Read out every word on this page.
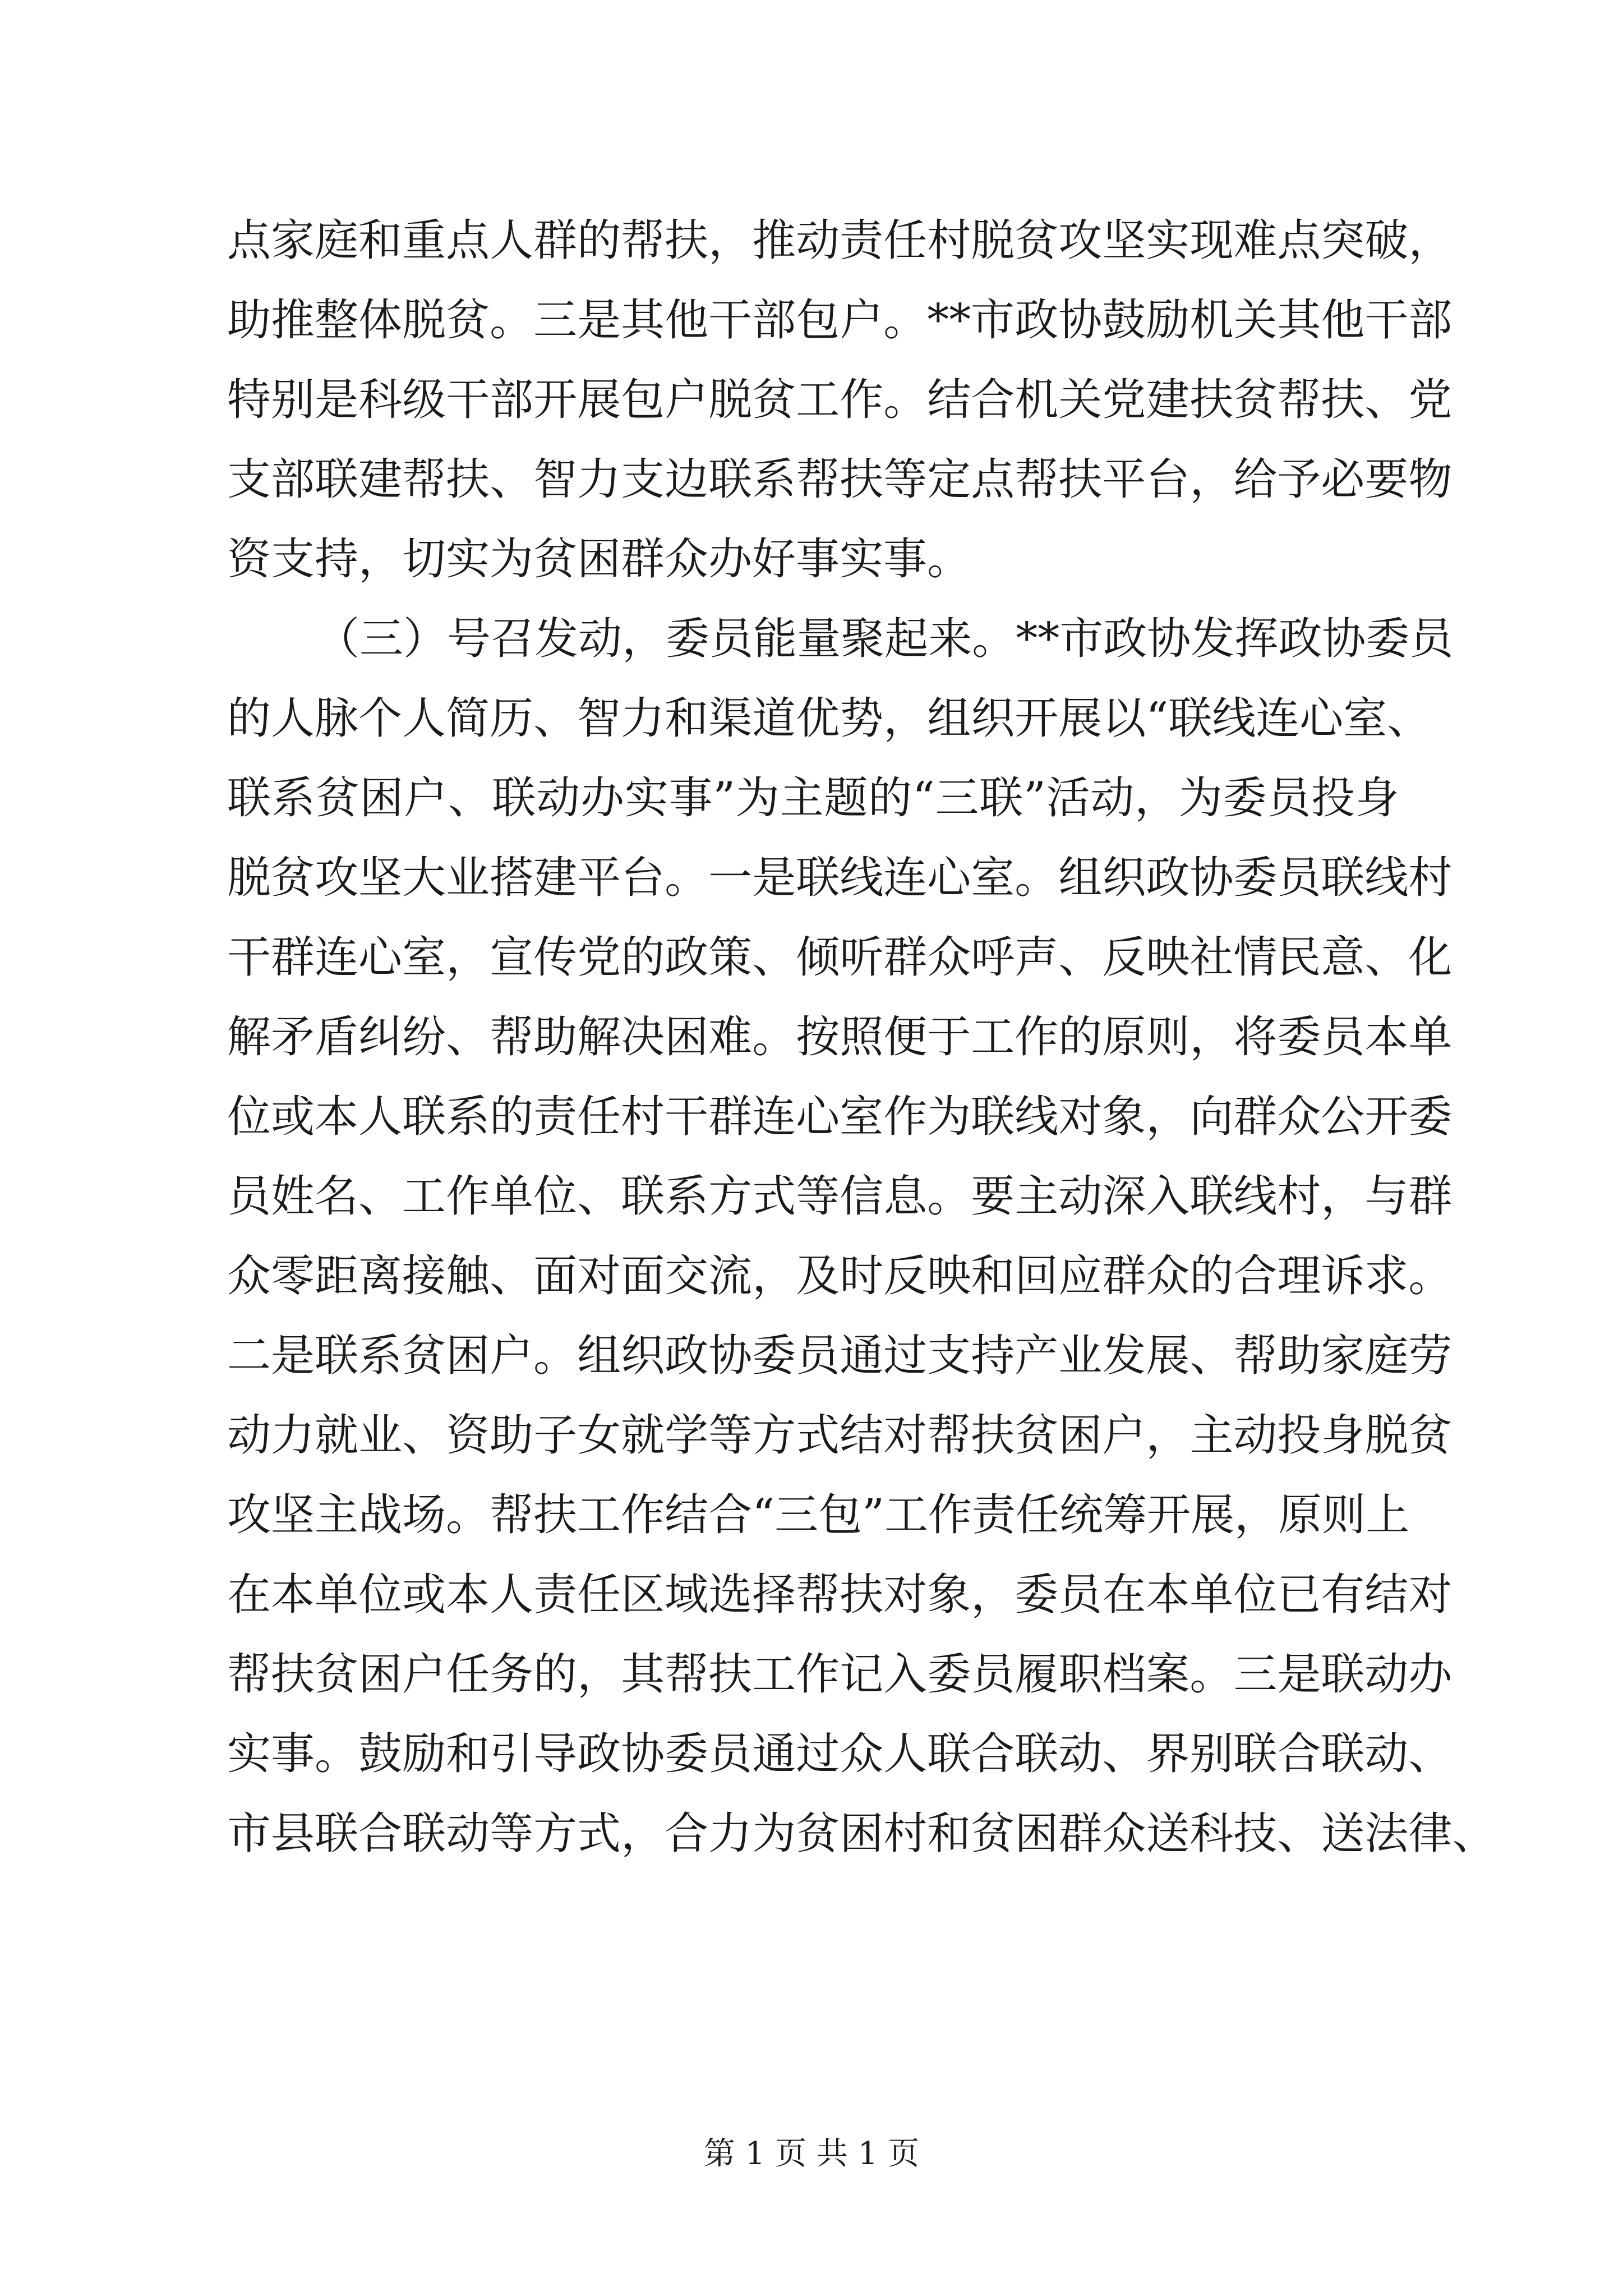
点 家 庭 和 重 点 人 群 的 帮 扶 ， 推 动 责 任 村 脱 贫 攻 坚 实 现 难 点 突 破 ，
助 推 整 体 脱 贫 。 三 是 其 他 干 部 包 户 。 * * 市 政 协 鼓 励 机 关 其 他 干 部
特 别 是 科 级 干 部 开 展 包 户 脱 贫 工 作 。 结 合 机 关 党 建 扶 贫 帮 扶 、 党
支 部 联 建 帮 扶 、 智 力 支 边 联 系 帮 扶 等 定 点 帮 扶 平 台 ， 给 予 必 要 物
资支持，切实为贫困群众办好事实事。
（ 三 ） 号 召 发 动 ， 委 员 能 量 聚 起 来 。 * * 市 政 协 发 挥 政 协 委 员
的 人 脉 个 人 简 历 、 智 力 和 渠 道 优 势 ， 组 织 开 展 以 “ 联 线 连 心 室 、
联 系 贫 困 户 、 联 动 办 实 事 ” 为 主 题 的 “ 三 联 ” 活 动 ， 为 委 员 投 身
脱 贫 攻 坚 大 业 搭 建 平 台 。 一 是 联 线 连 心 室 。 组 织 政 协 委 员 联 线 村
干 群 连 心 室 ， 宣 传 党 的 政 策 、 倾 听 群 众 呼 声 、 反 映 社 情 民 意 、 化
解 矛 盾 纠 纷 、 帮 助 解 决 困 难 。 按 照 便 于 工 作 的 原 则 ， 将 委 员 本 单
位 或 本 人 联 系 的 责 任 村 干 群 连 心 室 作 为 联 线 对 象 ， 向 群 众 公 开 委
员 姓 名 、 工 作 单 位 、 联 系 方 式 等 信 息 。 要 主 动 深 入 联 线 村 ， 与 群
众 零 距 离 接 触 、 面 对 面 交 流 ， 及 时 反 映 和 回 应 群 众 的 合 理 诉 求 。
二 是 联 系 贫 困 户 。 组 织 政 协 委 员 通 过 支 持 产 业 发 展 、 帮 助 家 庭 劳
动 力 就 业 、 资 助 子 女 就 学 等 方 式 结 对 帮 扶 贫 困 户 ， 主 动 投 身 脱 贫
攻 坚 主 战 场 。 帮 扶 工 作 结 合 “ 三 包 ” 工 作 责 任 统 筹 开 展 ， 原 则 上
在 本 单 位 或 本 人 责 任 区 域 选 择 帮 扶 对 象 ， 委 员 在 本 单 位 已 有 结 对
帮 扶 贫 困 户 任 务 的 ， 其 帮 扶 工 作 记 入 委 员 履 职 档 案 。 三 是 联 动 办
实 事 。 鼓 励 和 引 导 政 协 委 员 通 过 众 人 联 合 联 动 、 界 别 联 合 联 动 、
市 县 联 合 联 动 等 方 式 ， 合 力 为 贫 困 村 和 贫 困 群 众 送 科 技 、 送 法 律 、
第 1 页 共 1 页
